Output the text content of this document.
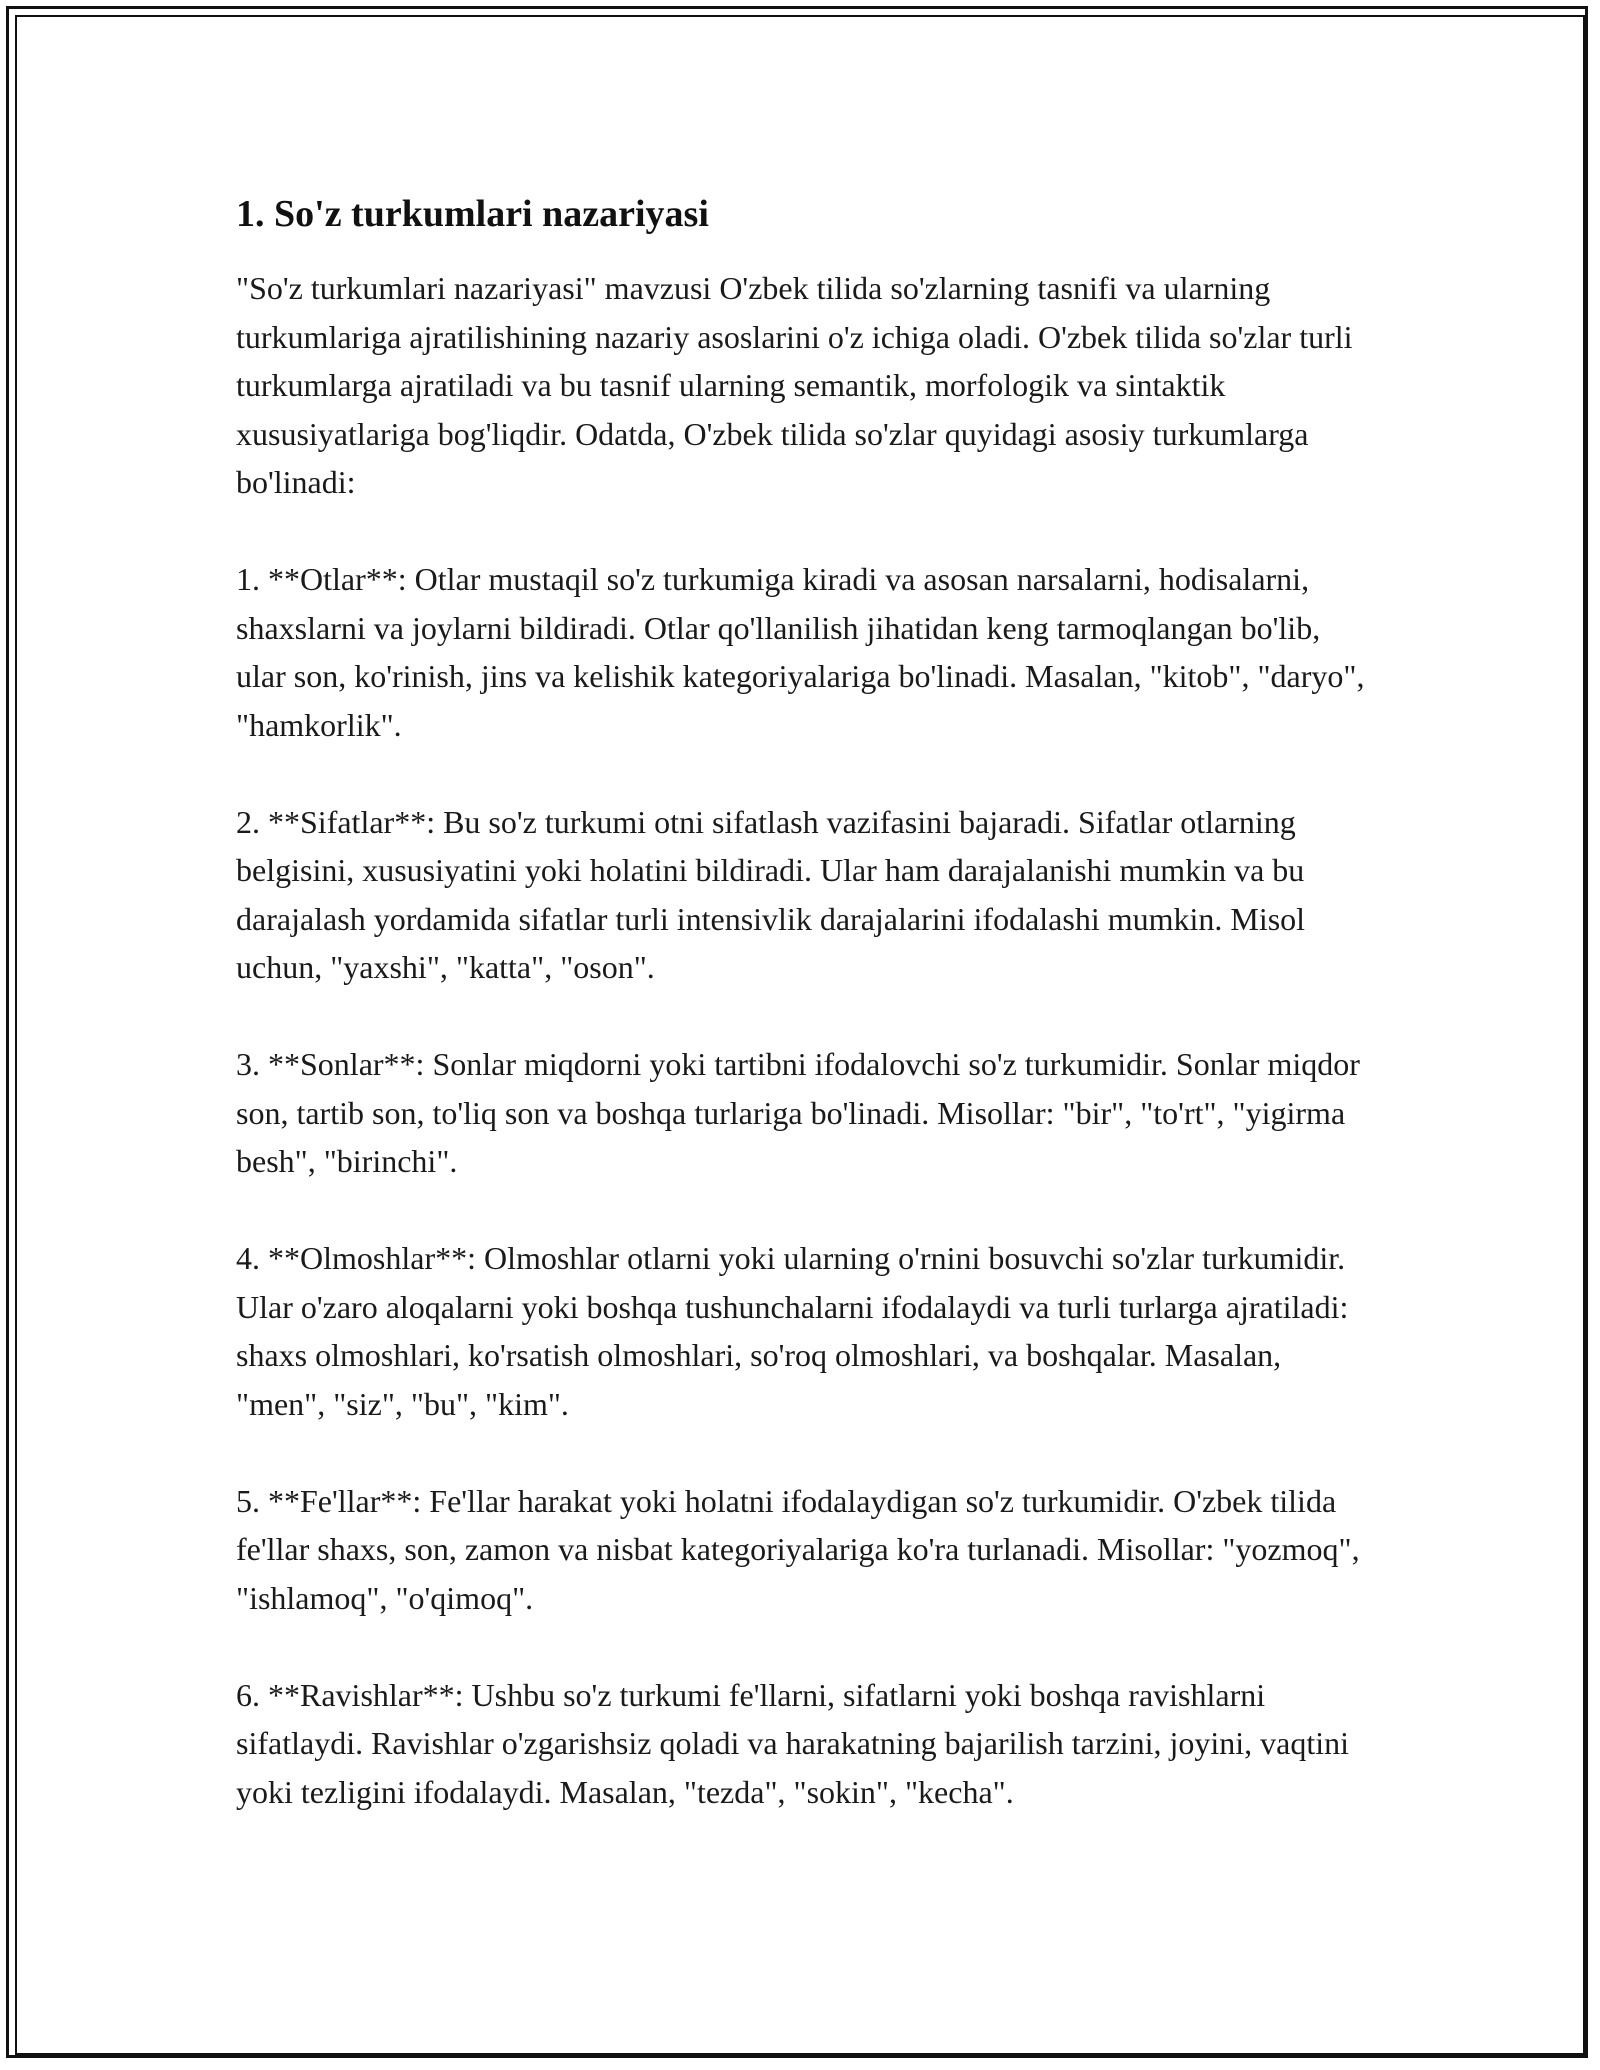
1. So'z turkumlari nazariyasi

"So'z turkumlari nazariyasi" mavzusi O'zbek tilida so'zlarning tasnifi va ularning turkumlariga ajratilishining nazariy asoslarini o'z ichiga oladi. O'zbek tilida so'zlar turli turkumlarga ajratiladi va bu tasnif ularning semantik, morfologik va sintaktik xususiyatlariga bog'liqdir. Odatda, O'zbek tilida so'zlar quyidagi asosiy turkumlarga bo'linadi:

1. **Otlar**: Otlar mustaqil so'z turkumiga kiradi va asosan narsalarni, hodisalarni, shaxslarni va joylarni bildiradi. Otlar qo'llanilish jihatidan keng tarmoqlangan bo'lib, ular son, ko'rinish, jins va kelishik kategoriyalariga bo'linadi. Masalan, "kitob", "daryo", "hamkorlik".

2. **Sifatlar**: Bu so'z turkumi otni sifatlash vazifasini bajaradi. Sifatlar otlarning belgisini, xususiyatini yoki holatini bildiradi. Ular ham darajalanishi mumkin va bu darajalash yordamida sifatlar turli intensivlik darajalarini ifodalashi mumkin. Misol uchun, "yaxshi", "katta", "oson".

3. **Sonlar**: Sonlar miqdorni yoki tartibni ifodalovchi so'z turkumidir. Sonlar miqdor son, tartib son, to'liq son va boshqa turlariga bo'linadi. Misollar: "bir", "to'rt", "yigirma besh", "birinchi".

4. **Olmoshlar**: Olmoshlar otlarni yoki ularning o'rnini bosuvchi so'zlar turkumidir. Ular o'zaro aloqalarni yoki boshqa tushunchalarni ifodalaydi va turli turlarga ajratiladi: shaxs olmoshlari, ko'rsatish olmoshlari, so'roq olmoshlari, va boshqalar. Masalan, "men", "siz", "bu", "kim".

5. **Fe'llar**: Fe'llar harakat yoki holatni ifodalaydigan so'z turkumidir. O'zbek tilida fe'llar shaxs, son, zamon va nisbat kategoriyalariga ko'ra turlanadi. Misollar: "yozmoq", "ishlamoq", "o'qimoq".

6. **Ravishlar**: Ushbu so'z turkumi fe'llarni, sifatlarni yoki boshqa ravishlarni sifatlaydi. Ravishlar o'zgarishsiz qoladi va harakatning bajarilish tarzini, joyini, vaqtini yoki tezligini ifodalaydi. Masalan, "tezda", "sokin", "kecha".
